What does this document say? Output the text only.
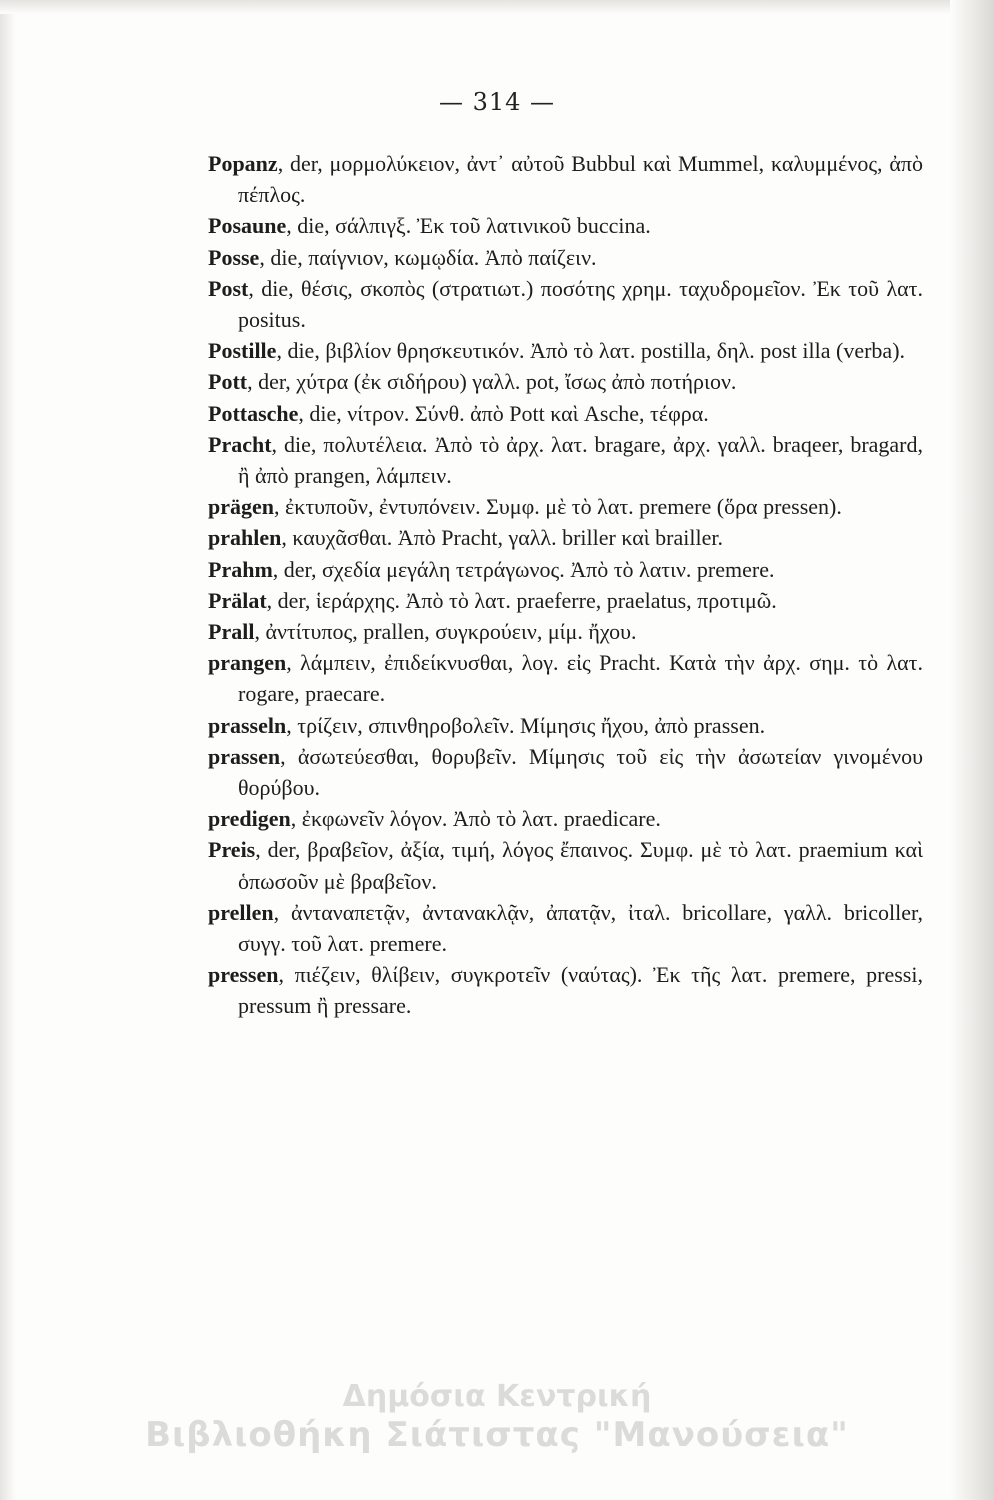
— 314 —

Popanz, der, μορμολύκειον, ἀντ᾽ αὐτοῦ Bubbul καὶ Mummel, καλυμμένος, ἀπὸ πέπλος.

Posaune, die, σάλπιγξ. Ἐκ τοῦ λατινικοῦ buccina.

Posse, die, παίγνιον, κωμῳδία. Ἀπὸ παίζειν.

Post, die, θέσις, σκοπὸς (στρατιωτ.) ποσότης χρημ. ταχυδρομεῖον. Ἐκ τοῦ λατ. positus.

Postille, die, βιβλίον θρησκευτικόν. Ἀπὸ τὸ λατ. postilla, δηλ. post illa (verba).

Pott, der, χύτρα (ἐκ σιδήρου) γαλλ. pot, ἴσως ἀπὸ ποτήριον.

Pottasche, die, νίτρον. Σύνθ. ἀπὸ Pott καὶ Asche, τέφρα.

Pracht, die, πολυτέλεια. Ἀπὸ τὸ ἀρχ. λατ. bragare, ἀρχ. γαλλ. braqeer, bragard, ἢ ἀπὸ prangen, λάμπειν.

prägen, ἐκτυποῦν, ἐντυπόνειν. Συμφ. μὲ τὸ λατ. premere (ὅρα pressen).

prahlen, καυχᾶσθαι. Ἀπὸ Pracht, γαλλ. briller καὶ brailler.

Prahm, der, σχεδία μεγάλη τετράγωνος. Ἀπὸ τὸ λατιν. premere.

Prälat, der, ἱεράρχης. Ἀπὸ τὸ λατ. praeferre, praelatus, προτιμῶ.

Prall, ἀντίτυπος, prallen, συγκρούειν, μίμ. ἤχου.

prangen, λάμπειν, ἐπιδείκνυσθαι, λογ. εἰς Pracht. Κατὰ τὴν ἀρχ. σημ. τὸ λατ. rogare, praecare.

prasseln, τρίζειν, σπινθηροβολεῖν. Μίμησις ἤχου, ἀπὸ prassen.

prassen, ἀσωτεύεσθαι, θορυβεῖν. Μίμησις τοῦ εἰς τὴν ἀσωτείαν γινομένου θορύβου.

predigen, ἐκφωνεῖν λόγον. Ἀπὸ τὸ λατ. praedicare.

Preis, der, βραβεῖον, ἀξία, τιμή, λόγος ἔπαινος. Συμφ. μὲ τὸ λατ. praemium καὶ ὁπωσοῦν μὲ βραβεῖον.

prellen, ἀνταναπετᾷν, ἀντανακλᾷν, ἀπατᾷν, ἰταλ. bricollare, γαλλ. bricoller, συγγ. τοῦ λατ. premere.

pressen, πιέζειν, θλίβειν, συγκροτεῖν (ναύτας). Ἐκ τῆς λατ. premere, pressi, pressum ἢ pressare.

Δημόσια Κεντρική
Βιβλιοθήκη Σιάτιστας "Μανούσεια"
